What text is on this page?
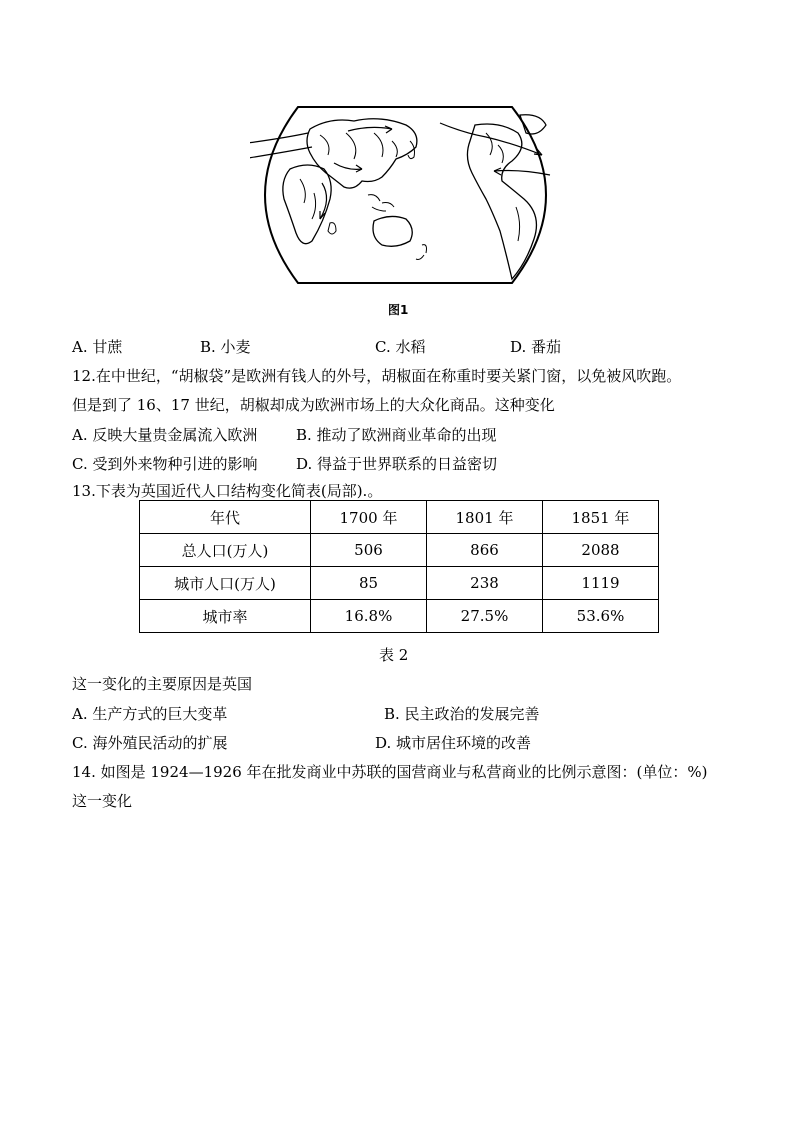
图1
A. 甘蔗	B. 小麦	C. 水稻	D. 番茄
12.在中世纪，“胡椒袋”是欧洲有钱人的外号，胡椒面在称重时要关紧门窗，以免被风吹跑。
但是到了 16、17 世纪，胡椒却成为欧洲市场上的大众化商品。这种变化
A. 反映大量贵金属流入欧洲	B. 推动了欧洲商业革命的出现
C. 受到外来物种引进的影响	D. 得益于世界联系的日益密切
13.下表为英国近代人口结构变化简表(局部).。
年代	1700 年	1801 年	1851 年
总人口(万人)	506	866	2088
城市人口(万人)	85	238	1119
城市率	16.8%	27.5%	53.6%
表 2
这一变化的主要原因是英国
A. 生产方式的巨大变革	B. 民主政治的发展完善
C. 海外殖民活动的扩展	D. 城市居住环境的改善
14. 如图是 1924—1926 年在批发商业中苏联的国营商业与私营商业的比例示意图：(单位：%)
这一变化
